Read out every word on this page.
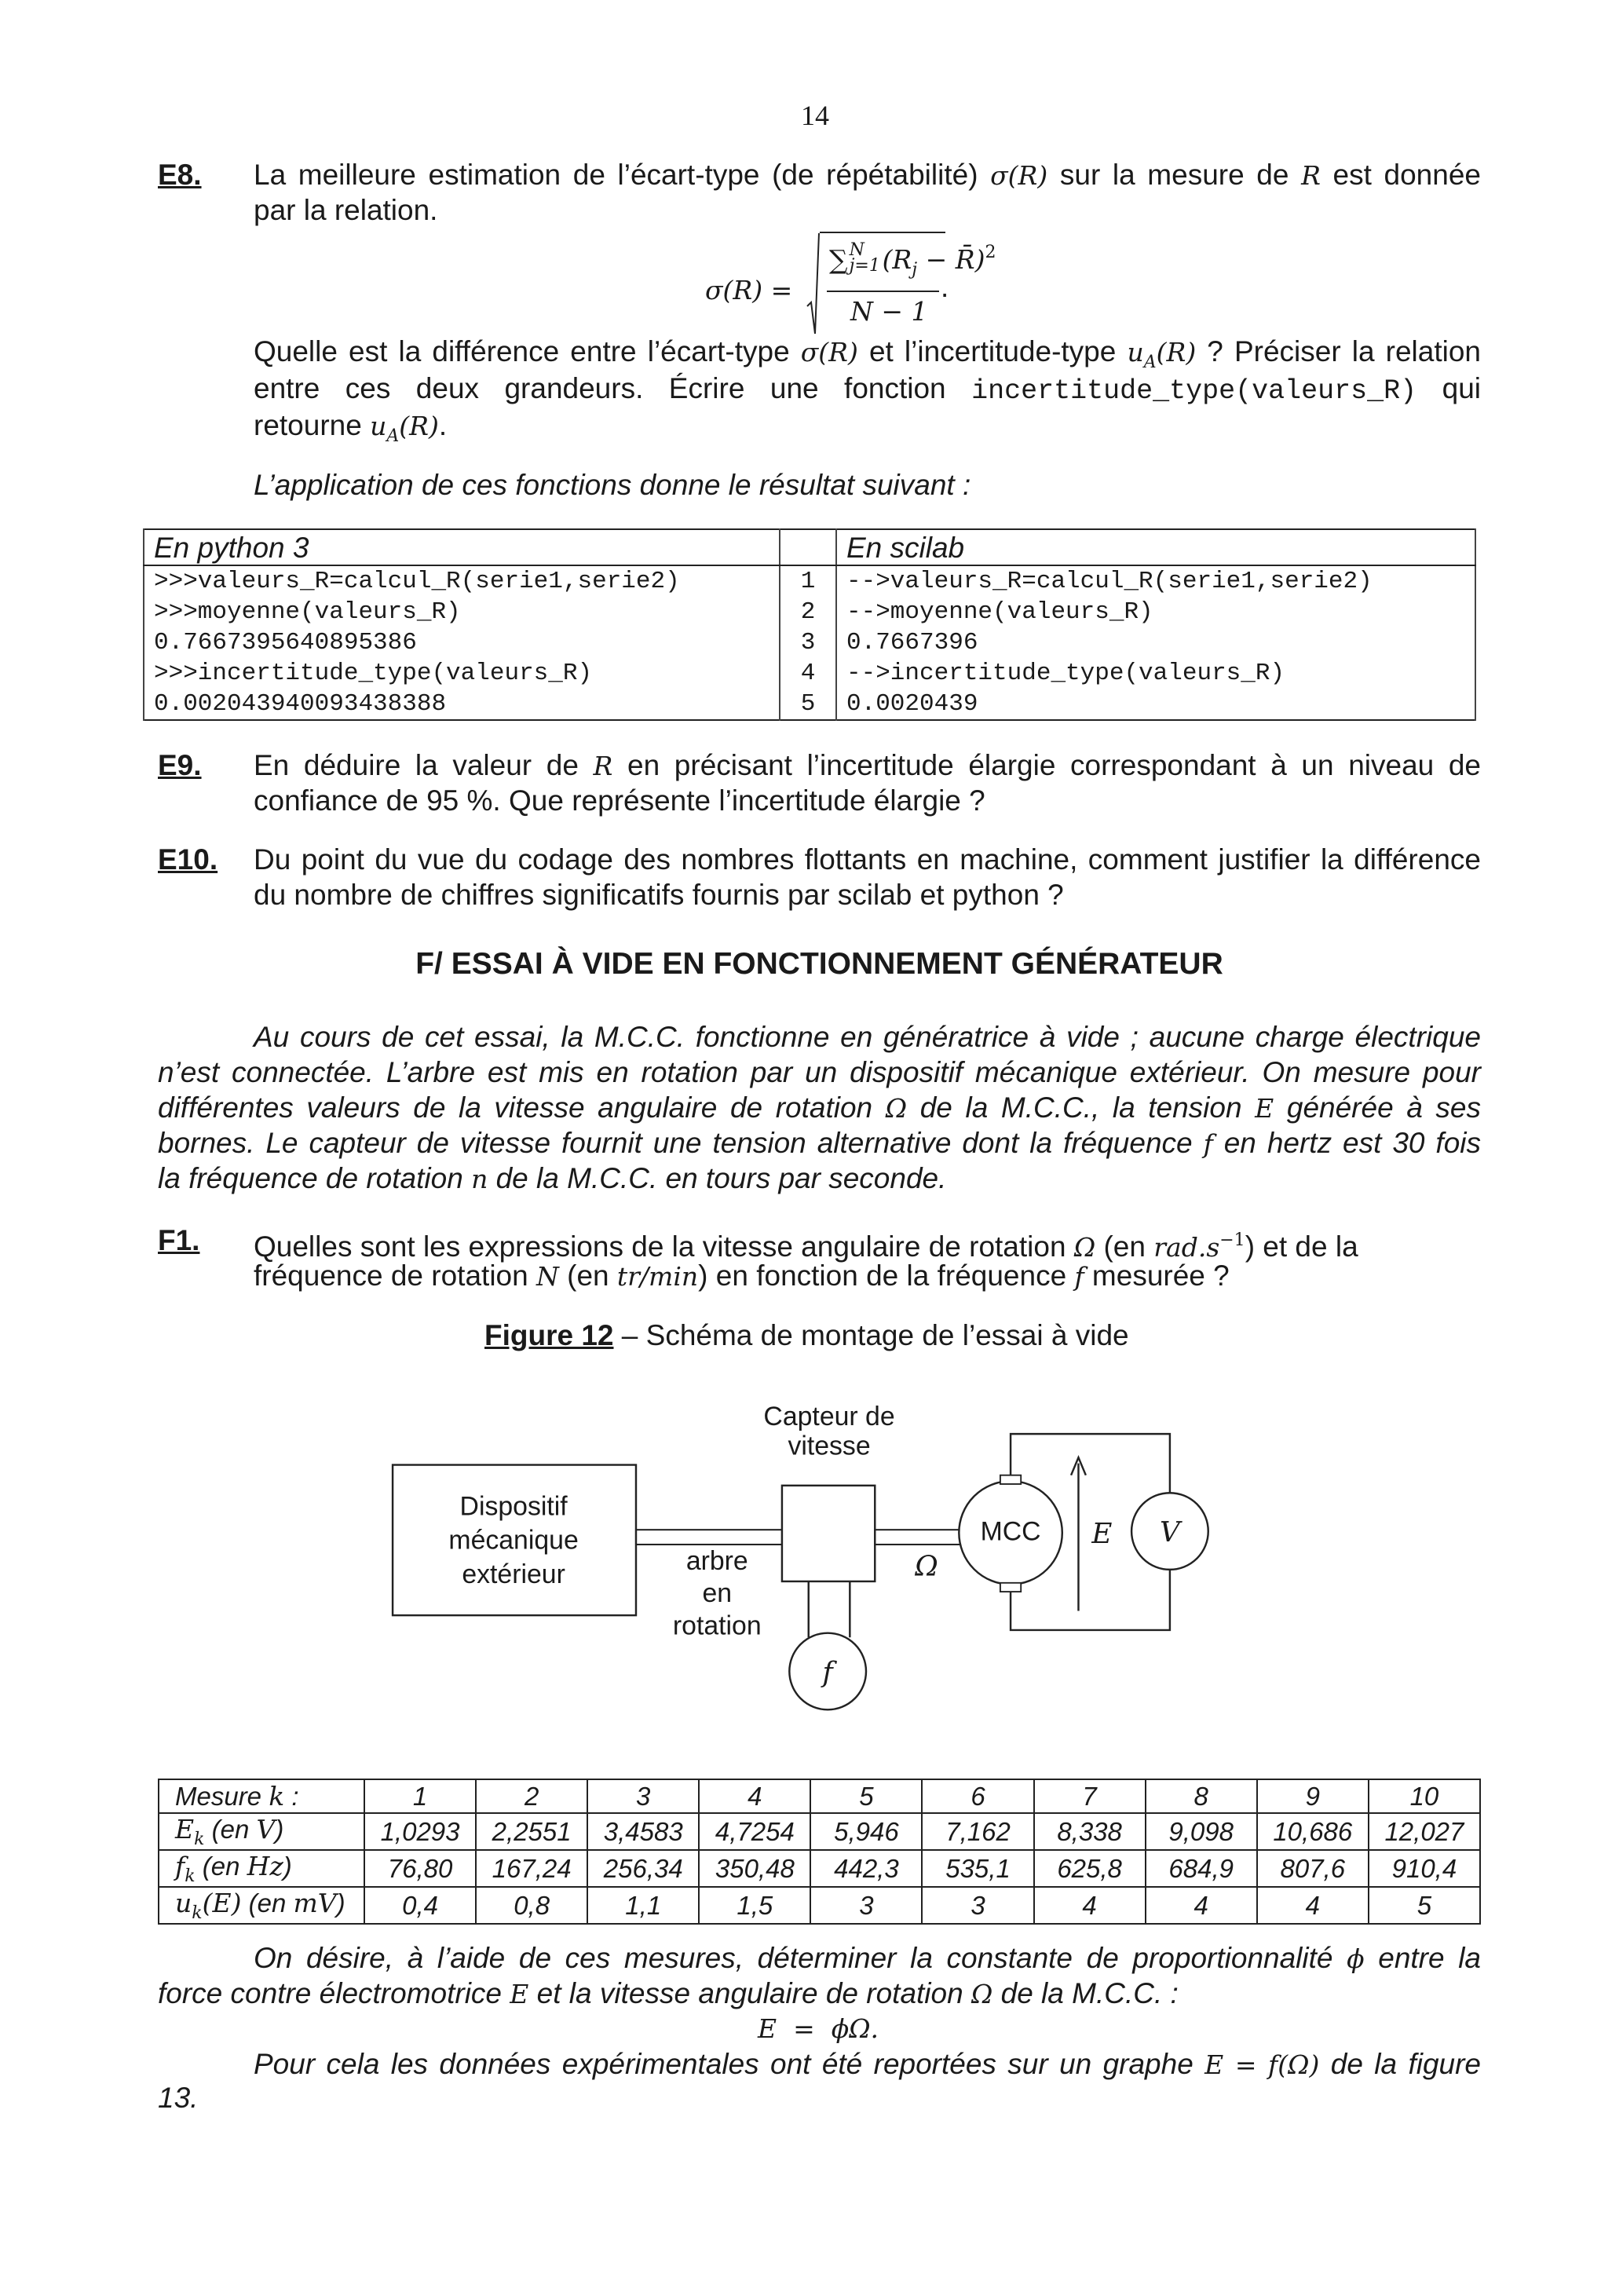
14
E8. La meilleure estimation de l’écart-type (de répétabilité) σ(R) sur la mesure de R est donnée
par la relation.
σ(R) =
∑ N
j=1 ($R_j$ − R̄)$^2$
N − 1
.
Quelle est la différence entre l’écart-type σ(R) et l’incertitude-type $u_A(R)$ ? Préciser la relation
entre ces deux grandeurs. Écrire une fonction incertitude_type(valeurs_R) qui
retourne $u_A(R)$.
L’application de ces fonctions donne le résultat suivant :
En python 3		En scilab
>>>valeurs_R=calcul_R(serie1,serie2)	1	-->valeurs_R=calcul_R(serie1,serie2)
>>>moyenne(valeurs_R)	2	-->moyenne(valeurs_R)
0.7667395640895386	3	0.7667396
>>>incertitude_type(valeurs_R)	4	-->incertitude_type(valeurs_R)
0.002043940093438388	5	0.0020439
E9. En déduire la valeur de R en précisant l’incertitude élargie correspondant à un niveau de
confiance de 95 %. Que représente l’incertitude élargie ?
E10. Du point du vue du codage des nombres flottants en machine, comment justifier la différence
du nombre de chiffres significatifs fournis par scilab et python ?
F/ ESSAI À VIDE EN FONCTIONNEMENT GÉNÉRATEUR
Au cours de cet essai, la M.C.C. fonctionne en génératrice à vide ; aucune charge électrique
n’est connectée. L’arbre est mis en rotation par un dispositif mécanique extérieur. On mesure pour
différentes valeurs de la vitesse angulaire de rotation Ω de la M.C.C., la tension E générée à ses
bornes. Le capteur de vitesse fournit une tension alternative dont la fréquence f en hertz est 30 fois
la fréquence de rotation n de la M.C.C. en tours par seconde.
F1. Quelles sont les expressions de la vitesse angulaire de rotation Ω (en $rad.s^{-1}$) et de la
fréquence de rotation N (en tr/min) en fonction de la fréquence f mesurée ?
Figure 12 – Schéma de montage de l’essai à vide
Dispositif
mécanique
extérieur
Capteur de
vitesse
arbre
en
rotation
f
Ω
MCC	E	V
Mesure k :	1	2	3	4	5	6	7	8	9	10
$E_k$ (en V)	1,0293	2,2551	3,4583	4,7254	5,946	7,162	8,338	9,098	10,686	12,027
$f_k$ (en Hz)	76,80	167,24	256,34	350,48	442,3	535,1	625,8	684,9	807,6	910,4
$u_k(E)$ (en mV)	0,4	0,8	1,1	1,5	3	3	4	4	4	5
On désire, à l’aide de ces mesures, déterminer la constante de proportionnalité ϕ entre la
force contre électromotrice E et la vitesse angulaire de rotation Ω de la M.C.C. :
E  =  ϕΩ.
Pour cela les données expérimentales ont été reportées sur un graphe E = f(Ω) de la figure
13.
